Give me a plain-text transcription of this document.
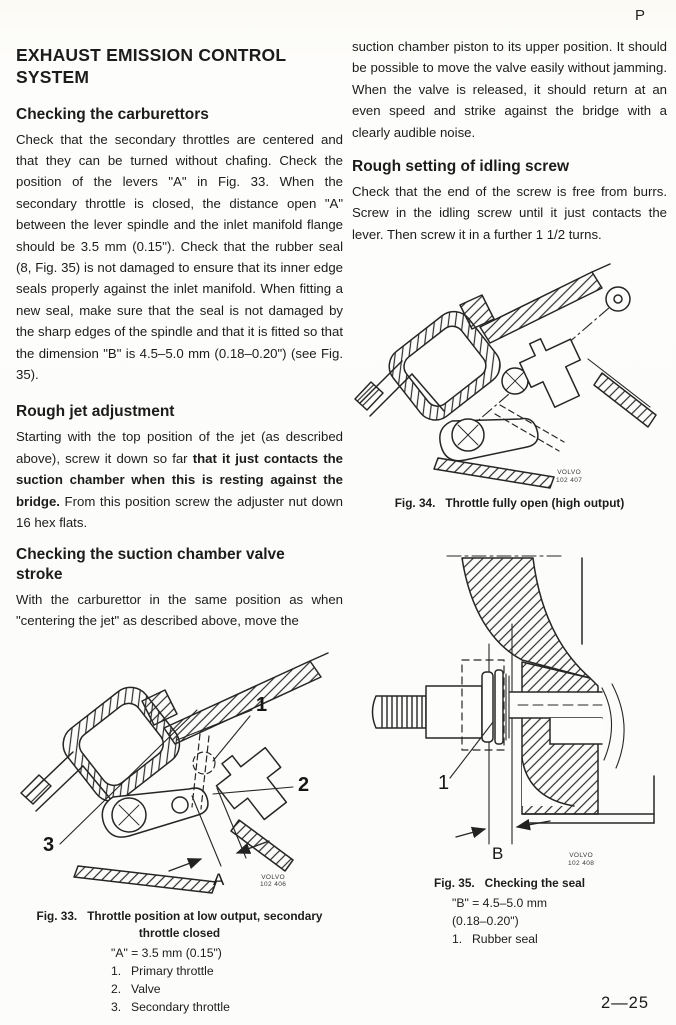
P
EXHAUST EMISSION CONTROL SYSTEM
Checking the carburettors

Check that the secondary throttles are centered and that they can be turned without chafing. Check the position of the levers "A" in Fig. 33. When the secondary throttle is closed, the distance open "A" between the lever spindle and the inlet manifold flange should be 3.5 mm (0.15"). Check that the rubber seal (8, Fig. 35) is not damaged to ensure that its inner edge seals properly against the inlet manifold. When fitting a new seal, make sure that the seal is not damaged by the sharp edges of the spindle and that it is fitted so that the dimension "B" is 4.5–5.0 mm (0.18–0.20") (see Fig. 35).

Rough jet adjustment

Starting with the top position of the jet (as described above), screw it down so far that it just contacts the suction chamber when this is resting against the bridge. From this position screw the adjuster nut down 16 hex flats.

Checking the suction chamber valve stroke

With the carburettor in the same position as when "centering the jet" as described above, move the

1
2
3
A	VOLVO
102 406
Fig. 33. Throttle position at low output, secondary throttle closed
"A" = 3.5 mm (0.15")
1. Primary throttle
2. Valve
3. Secondary throttle

suction chamber piston to its upper position. It should be possible to move the valve easily without jamming. When the valve is released, it should return at an even speed and strike against the bridge with a clearly audible noise.

Rough setting of idling screw

Check that the end of the screw is free from burrs. Screw in the idling screw until it just contacts the lever. Then screw it in a further 1 1/2 turns.

VOLVO
102 407
Fig. 34. Throttle fully open (high output)
1
B	VOLVO
102 408
Fig. 35. Checking the seal
"B" = 4.5–5.0 mm
(0.18–0.20")
1. Rubber seal
2—25
